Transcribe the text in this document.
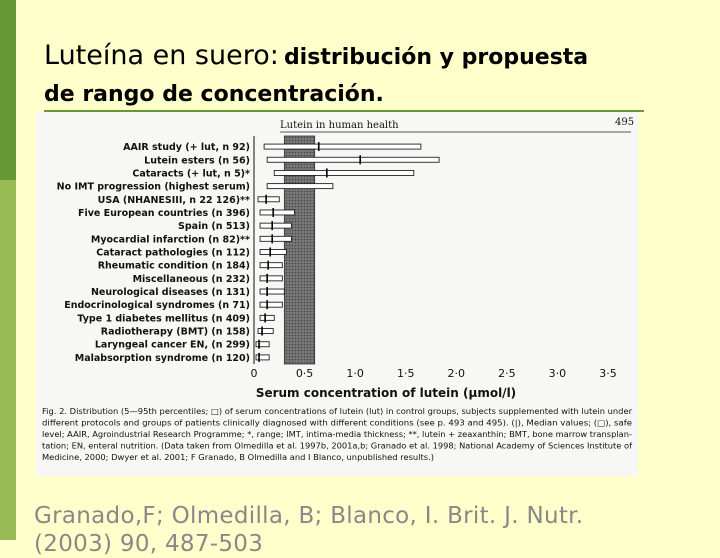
Luteína en suero: distribución y propuesta
de rango de concentración.
Lutein in human health	495
AAIR study (+ lut, n 92)
Lutein esters (n 56)
Cataracts (+ lut, n 5)*
No IMT progression (highest serum)
USA (NHANESIII, n 22 126)**
Five European countries (n 396)
Spain (n 513)
Myocardial infarction (n 82)**
Cataract pathologies (n 112)
Rheumatic condition (n 184)
Miscellaneous (n 232)
Neurological diseases (n 131)
Endocrinological syndromes (n 71)
Type 1 diabetes mellitus (n 409)
Radiotherapy (BMT) (n 158)
Laryngeal cancer EN, (n 299)
Malabsorption syndrome (n 120)
0	0·5	1·0	1·5	2·0	2·5	3·0	3·5
Serum concentration of lutein (µmol/l)
Fig. 2. Distribution (5—95th percentiles; □) of serum concentrations of lutein (lut) in control groups, subjects supplemented with lutein under
different protocols and groups of patients clinically diagnosed with different conditions (see p. 493 and 495). (|), Median values; (□), safe
level; AAIR, Agroindustrial Research Programme; *, range; IMT, intima-media thickness; **, lutein + zeaxanthin; BMT, bone marrow transplan-
tation; EN, enteral nutrition. (Data taken from Olmedilla et al. 1997b, 2001a,b; Granado et al. 1998; National Academy of Sciences Institute of
Medicine, 2000; Dwyer et al. 2001; F Granado, B Olmedilla and I Blanco, unpublished results.)
Granado,F; Olmedilla, B; Blanco, I. Brit. J. Nutr.
(2003) 90, 487-503
